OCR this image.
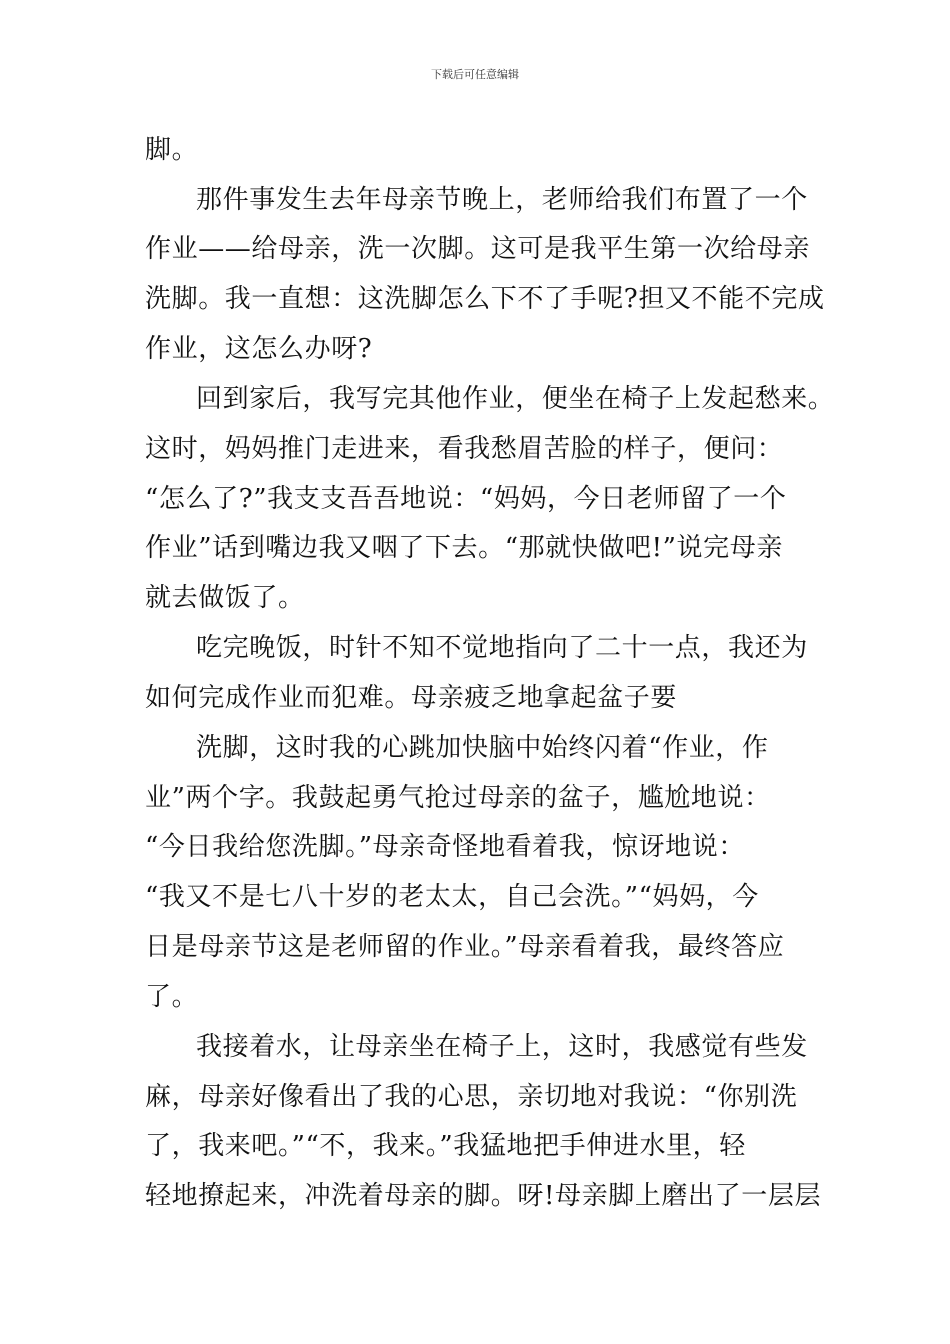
下载后可任意编辑
脚。
那件事发生去年母亲节晚上，老师给我们布置了一个
作业——给母亲，洗一次脚。这可是我平生第一次给母亲
洗脚。我一直想：这洗脚怎么下不了手呢?担又不能不完成
作业，这怎么办呀?
回到家后，我写完其他作业，便坐在椅子上发起愁来。
这时，妈妈推门走进来，看我愁眉苦脸的样子，便问：
“怎么了?”我支支吾吾地说：“妈妈，今日老师留了一个
作业”话到嘴边我又咽了下去。“那就快做吧!”说完母亲
就去做饭了。
吃完晚饭，时针不知不觉地指向了二十一点，我还为
如何完成作业而犯难。母亲疲乏地拿起盆子要
洗脚，这时我的心跳加快脑中始终闪着“作业，作
业”两个字。我鼓起勇气抢过母亲的盆子，尴尬地说：
“今日我给您洗脚。”母亲奇怪地看着我，惊讶地说：
“我又不是七八十岁的老太太，自己会洗。”“妈妈，今
日是母亲节这是老师留的作业。”母亲看着我，最终答应
了。
我接着水，让母亲坐在椅子上，这时，我感觉有些发
麻，母亲好像看出了我的心思，亲切地对我说：“你别洗
了，我来吧。”“不，我来。”我猛地把手伸进水里，轻
轻地撩起来，冲洗着母亲的脚。呀!母亲脚上磨出了一层层
